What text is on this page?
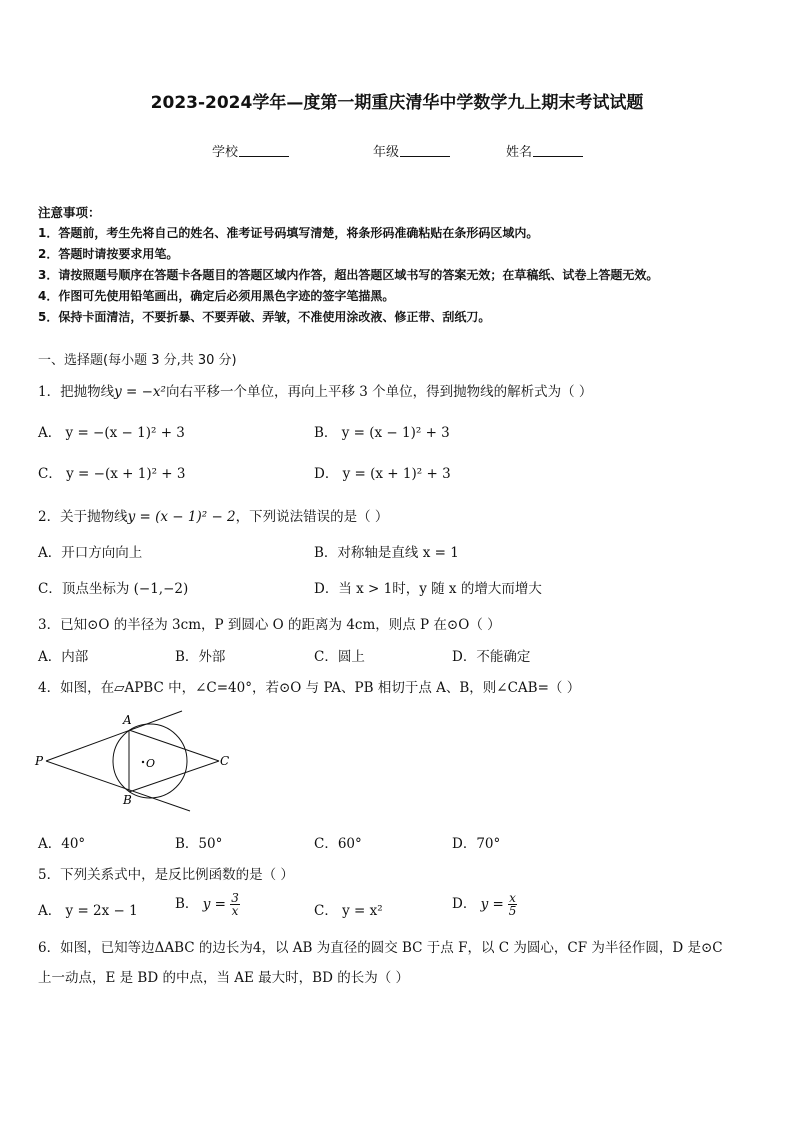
2023-2024学年—度第一期重庆清华中学数学九上期末考试试题
学校	年级	姓名
注意事项：
1．答题前，考生先将自己的姓名、准考证号码填写清楚，将条形码准确粘贴在条形码区域内。
2．答题时请按要求用笔。
3．请按照题号顺序在答题卡各题目的答题区域内作答，超出答题区域书写的答案无效；在草稿纸、试卷上答题无效。
4．作图可先使用铅笔画出，确定后必须用黑色字迹的签字笔描黑。
5．保持卡面清洁，不要折暴、不要弄破、弄皱，不准使用涂改液、修正带、刮纸刀。
一、选择题(每小题 3 分,共 30 分)
1．把抛物线y = −x²向右平移一个单位，再向上平移 3 个单位，得到抛物线的解析式为（ ）
A． y = −(x − 1)² + 3	B． y = (x − 1)² + 3
C． y = −(x + 1)² + 3	D． y = (x + 1)² + 3
2．关于抛物线y = (x − 1)² − 2，下列说法错误的是（ ）
A．开口方向向上	B．对称轴是直线 x = 1
C．顶点坐标为 (−1,−2)	D．当 x > 1时，y 随 x 的增大而增大
3．已知⊙O 的半径为 3cm，P 到圆心 O 的距离为 4cm，则点 P 在⊙O（ ）
A．内部	B．外部	C．圆上	D．不能确定
4．如图，在▱APBC 中，∠C=40°，若⊙O 与 PA、PB 相切于点 A、B，则∠CAB=（ ）
A
B
P	C
O
A．40°	B．50°	C．60°	D．70°
5．下列关系式中，是反比例函数的是（ ）
A． y = 2x − 1	B． $y = \frac{3}{x}$	C． y = x²	D． $y = \frac{x}{5}$
6．如图，已知等边ΔABC 的边长为4，以 AB 为直径的圆交 BC 于点 F，以 C 为圆心，CF 为半径作圆，D 是⊙C
上一动点，E 是 BD 的中点，当 AE 最大时，BD 的长为（ ）
